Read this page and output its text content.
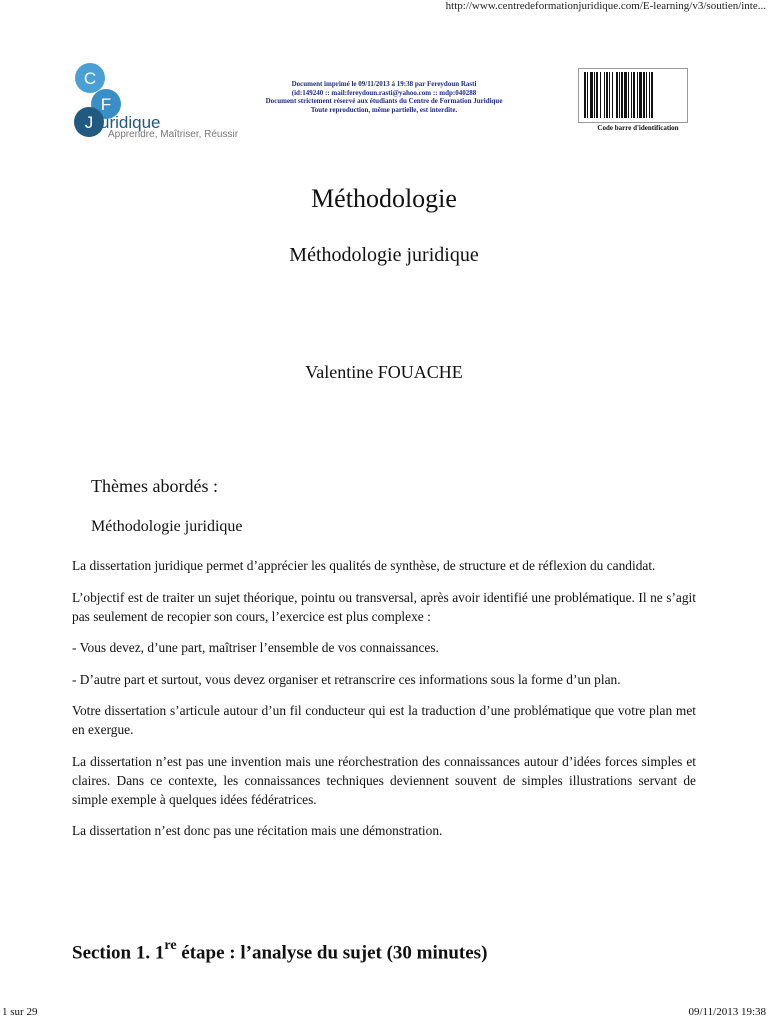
http://www.centredeformationjuridique.com/E-learning/v3/soutien/inte...
C
F
J uridique
Apprendre, Maîtriser, Réussir
Document imprimé le 09/11/2013 à 19:38 par Fereydoun Rasti
(id:149240 :: mail:fereydoun.rasti@yahoo.com :: mdp:040288
Document strictement réservé aux étudiants du Centre de Formation Juridique
Toute reproduction, même partielle, est interdite.
Code barre d'identification
Méthodologie
Méthodologie juridique
Valentine FOUACHE
Thèmes abordés :
Méthodologie juridique

La dissertation juridique permet d’apprécier les qualités de synthèse, de structure et de réflexion du candidat.

L’objectif est de traiter un sujet théorique, pointu ou transversal, après avoir identifié une problématique. Il ne s’agit pas seulement de recopier son cours, l’exercice est plus complexe :

- Vous devez, d’une part, maîtriser l’ensemble de vos connaissances.

- D’autre part et surtout, vous devez organiser et retranscrire ces informations sous la forme d’un plan.

Votre dissertation s’articule autour d’un fil conducteur qui est la traduction d’une problématique que votre plan met en exergue.

La dissertation n’est pas une invention mais une réorchestration des connaissances autour d’idées forces simples et claires. Dans ce contexte, les connaissances techniques deviennent souvent de simples illustrations servant de simple exemple à quelques idées fédératrices.

La dissertation n’est donc pas une récitation mais une démonstration.

Section 1. 1re étape : l’analyse du sujet (30 minutes)
1 sur 29	09/11/2013 19:38
